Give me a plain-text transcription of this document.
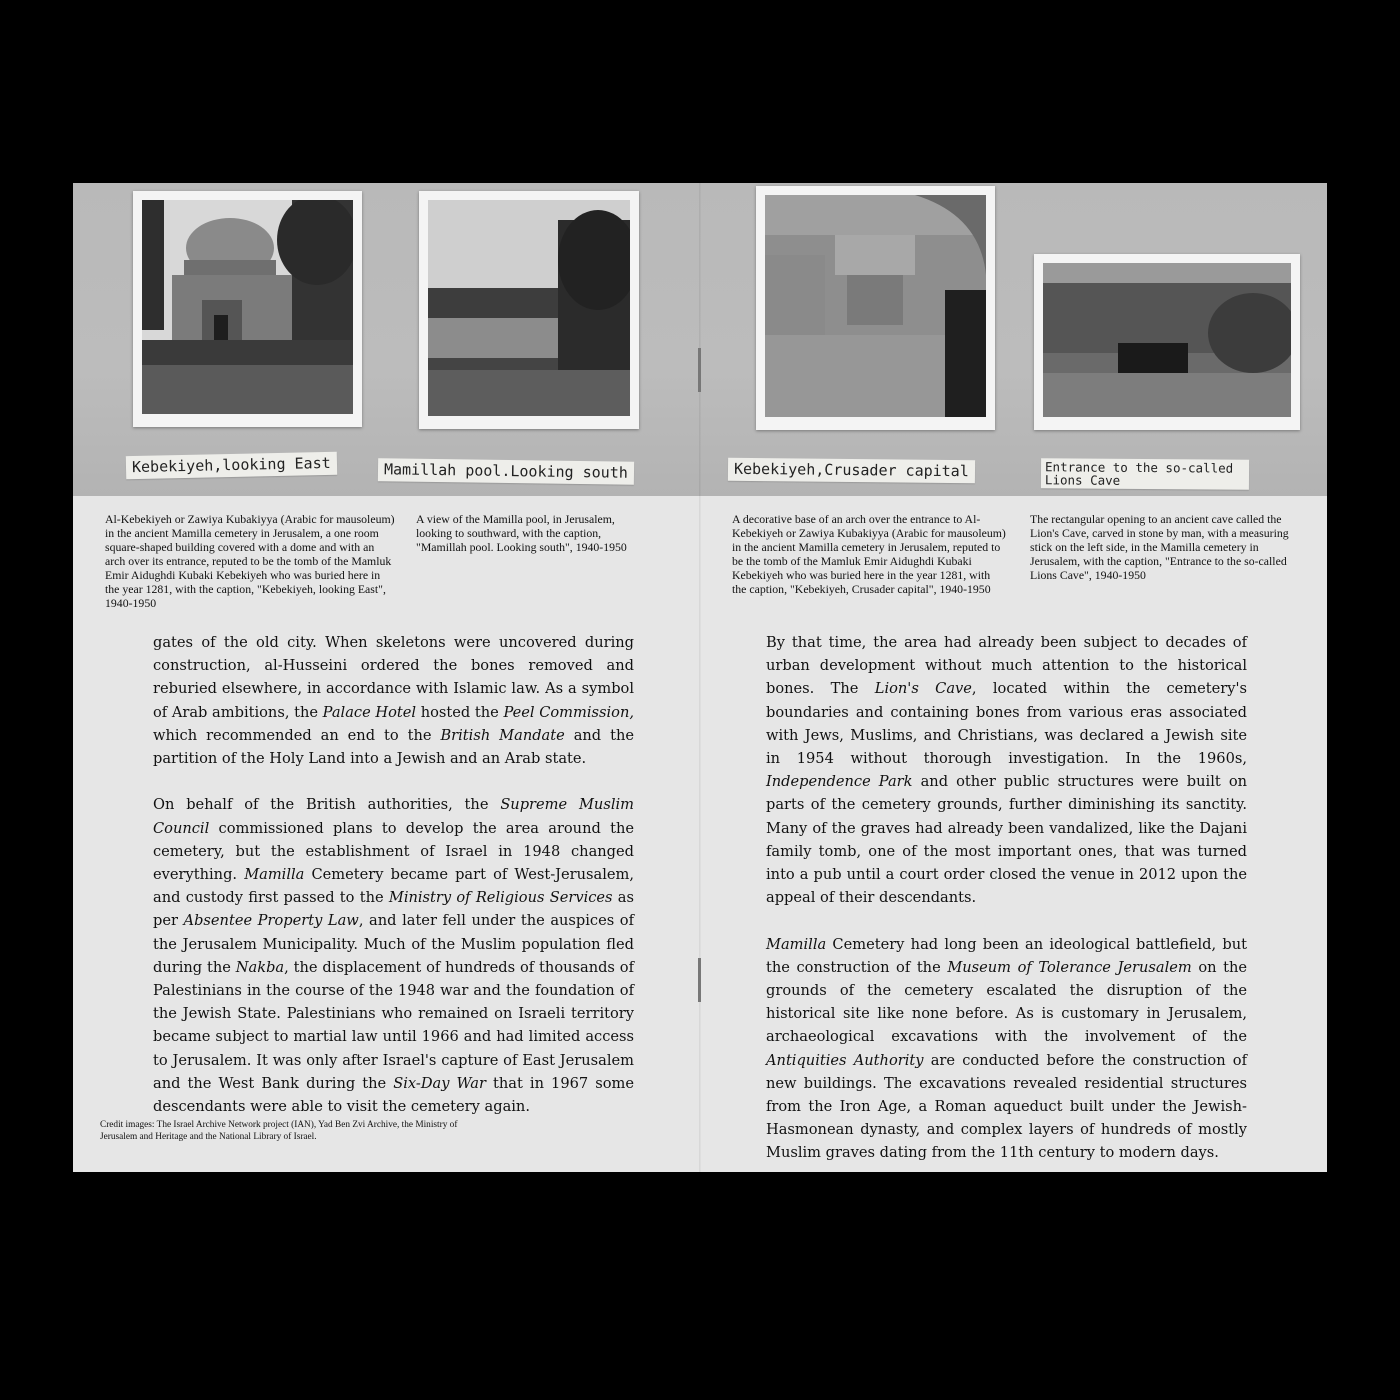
Kebekiyeh,looking East	Mamillah pool.Looking south	Kebekiyeh,Crusader capital	Entrance to the so-called Lions Cave
Al-Kebekiyeh or Zawiya Kubakiyya (Arabic for mausoleum) in the ancient Mamilla cemetery in Jerusalem, a one room square-shaped building covered with a dome and with an arch over its entrance, reputed to be the tomb of the Mamluk Emir Aidughdi Kubaki Kebekiyeh who was buried here in the year 1281, with the caption, "Kebekiyeh, looking East", 1940-1950
A view of the Mamilla pool, in Jerusalem, looking to southward, with the caption, "Mamillah pool. Looking south", 1940-1950
A decorative base of an arch over the entrance to Al-Kebekiyeh or Zawiya Kubakiyya (Arabic for mausoleum) in the ancient Mamilla cemetery in Jerusalem, reputed to be the tomb of the Mamluk Emir Aidughdi Kubaki Kebekiyeh who was buried here in the year 1281, with the caption, "Kebekiyeh, Crusader capital", 1940-1950
The rectangular opening to an ancient cave called the Lion's Cave, carved in stone by man, with a measuring stick on the left side, in the Mamilla cemetery in Jerusalem, with the caption, "Entrance to the so-called Lions Cave", 1940-1950

gates of the old city. When skeletons were uncovered during construction, al-Husseini ordered the bones removed and reburied elsewhere, in accordance with Islamic law. As a symbol of Arab ambitions, the Palace Hotel hosted the Peel Commission, which recommended an end to the British Mandate and the partition of the Holy Land into a Jewish and an Arab state.

On behalf of the British authorities, the Supreme Muslim Council commissioned plans to develop the area around the cemetery, but the establishment of Israel in 1948 changed everything. Mamilla Cemetery became part of West-Jerusalem, and custody first passed to the Ministry of Religious Services as per Absentee Property Law, and later fell under the auspices of the Jerusalem Municipality. Much of the Muslim population fled during the Nakba, the displacement of hundreds of thousands of Palestinians in the course of the 1948 war and the foundation of the Jewish State. Palestinians who remained on Israeli territory became subject to martial law until 1966 and had limited access to Jerusalem. It was only after Israel's capture of East Jerusalem and the West Bank during the Six-Day War that in 1967 some descendants were able to visit the cemetery again.

By that time, the area had already been subject to decades of urban development without much attention to the historical bones. The Lion's Cave, located within the cemetery's boundaries and containing bones from various eras associated with Jews, Muslims, and Christians, was declared a Jewish site in 1954 without thorough investigation. In the 1960s, Independence Park and other public structures were built on parts of the cemetery grounds, further diminishing its sanctity. Many of the graves had already been vandalized, like the Dajani family tomb, one of the most important ones, that was turned into a pub until a court order closed the venue in 2012 upon the appeal of their descendants.

Mamilla Cemetery had long been an ideological battlefield, but the construction of the Museum of Tolerance Jerusalem on the grounds of the cemetery escalated the disruption of the historical site like none before. As is customary in Jerusalem, archaeological excavations with the involvement of the Antiquities Authority are conducted before the construction of new buildings. The excavations revealed residential structures from the Iron Age, a Roman aqueduct built under the Jewish-Hasmonean dynasty, and complex layers of hundreds of mostly Muslim graves dating from the 11th century to modern days.

Credit images: The Israel Archive Network project (IAN), Yad Ben Zvi Archive, the Ministry of Jerusalem and Heritage and the National Library of Israel.
